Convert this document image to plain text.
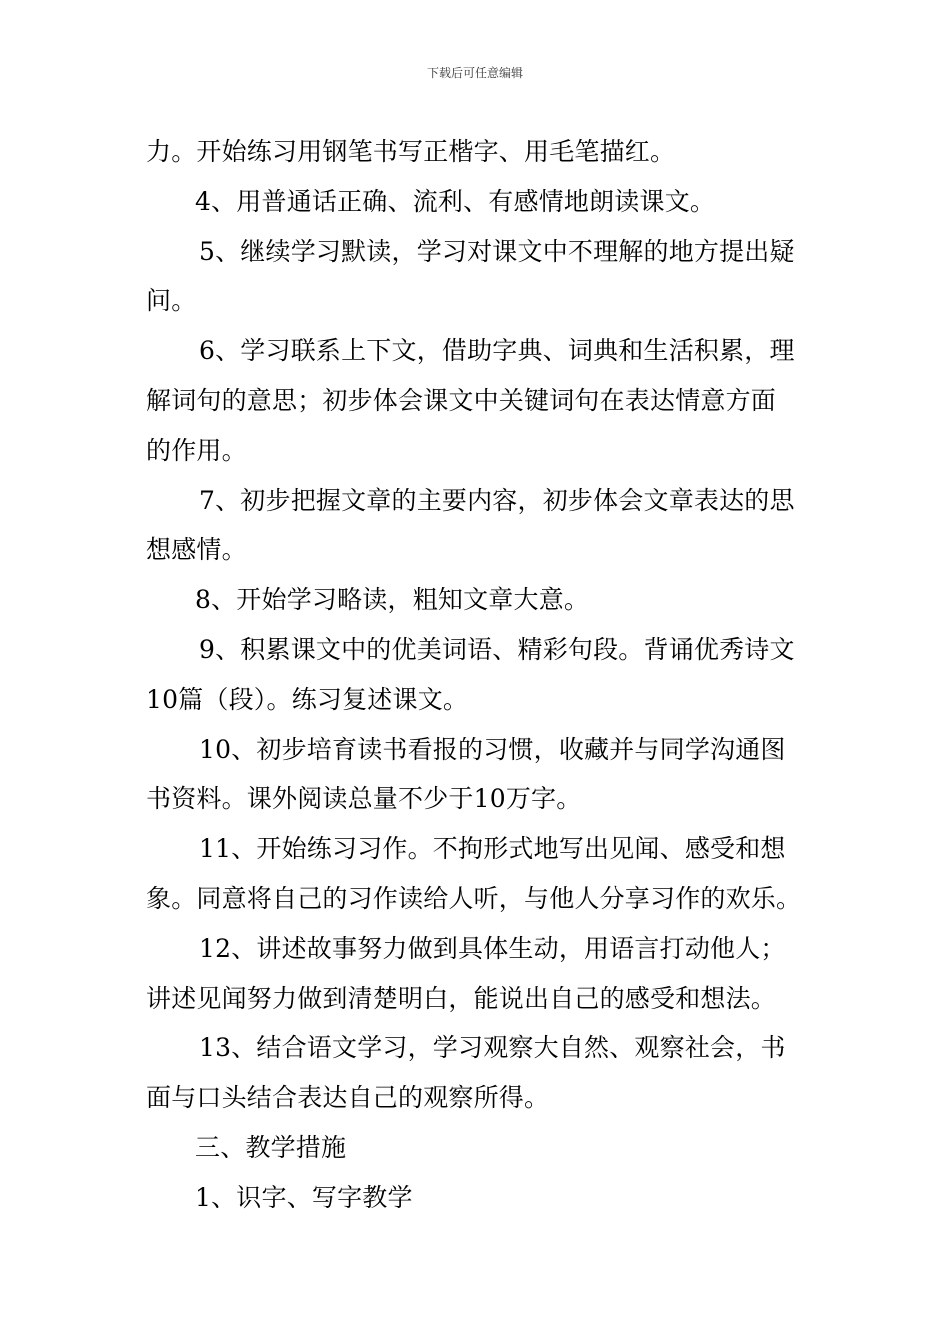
下载后可任意编辑
力。开始练习用钢笔书写正楷字、用毛笔描红。
4、用普通话正确、流利、有感情地朗读课文。
5、继续学习默读，学习对课文中不理解的地方提出疑
问。
6、学习联系上下文，借助字典、词典和生活积累，理
解词句的意思；初步体会课文中关键词句在表达情意方面
的作用。
7、初步把握文章的主要内容，初步体会文章表达的思
想感情。
8、开始学习略读，粗知文章大意。
9、积累课文中的优美词语、精彩句段。背诵优秀诗文
10篇（段）。练习复述课文。
10、初步培育读书看报的习惯，收藏并与同学沟通图
书资料。课外阅读总量不少于10万字。
11、开始练习习作。不拘形式地写出见闻、感受和想
象。同意将自己的习作读给人听，与他人分享习作的欢乐。
12、讲述故事努力做到具体生动，用语言打动他人；
讲述见闻努力做到清楚明白，能说出自己的感受和想法。
13、结合语文学习，学习观察大自然、观察社会，书
面与口头结合表达自己的观察所得。
三、教学措施
1、识字、写字教学
